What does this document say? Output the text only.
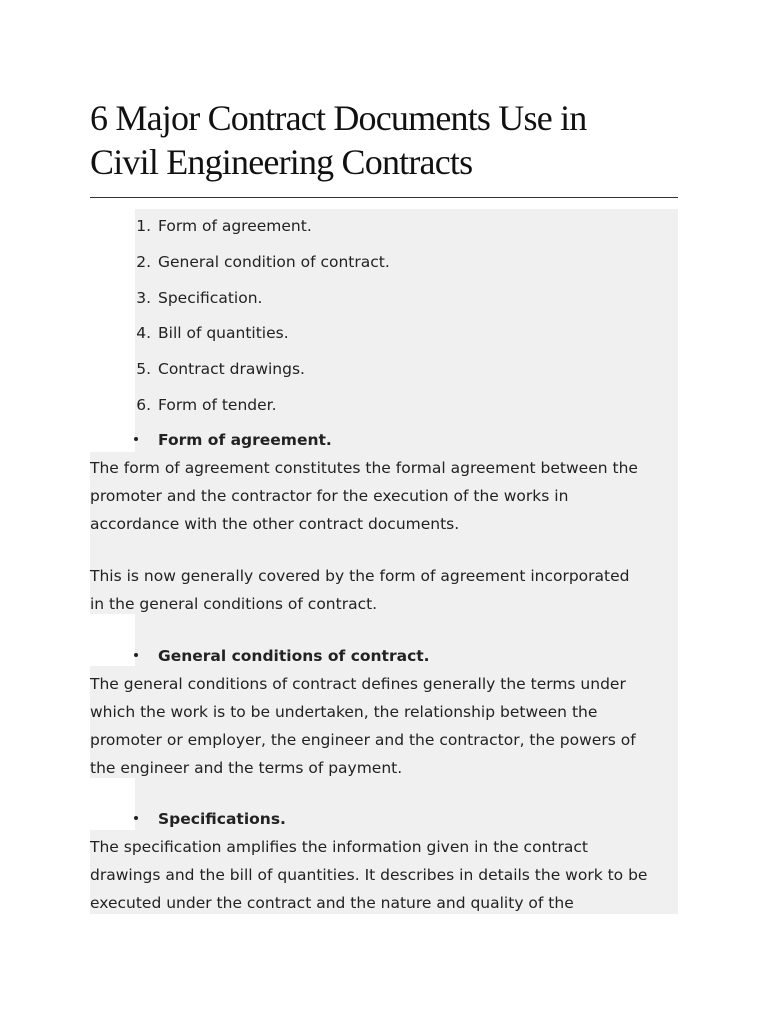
6 Major Contract Documents Use in
Civil Engineering Contracts
1. Form of agreement.
2. General condition of contract.
3. Specification.
4. Bill of quantities.
5. Contract drawings.
6. Form of tender.
Form of agreement.
The form of agreement constitutes the formal agreement between the
promoter and the contractor for the execution of the works in
accordance with the other contract documents.
This is now generally covered by the form of agreement incorporated
in the general conditions of contract.
General conditions of contract.
The general conditions of contract defines generally the terms under
which the work is to be undertaken, the relationship between the
promoter or employer, the engineer and the contractor, the powers of
the engineer and the terms of payment.
Specifications.
The specification amplifies the information given in the contract
drawings and the bill of quantities. It describes in details the work to be
executed under the contract and the nature and quality of the
